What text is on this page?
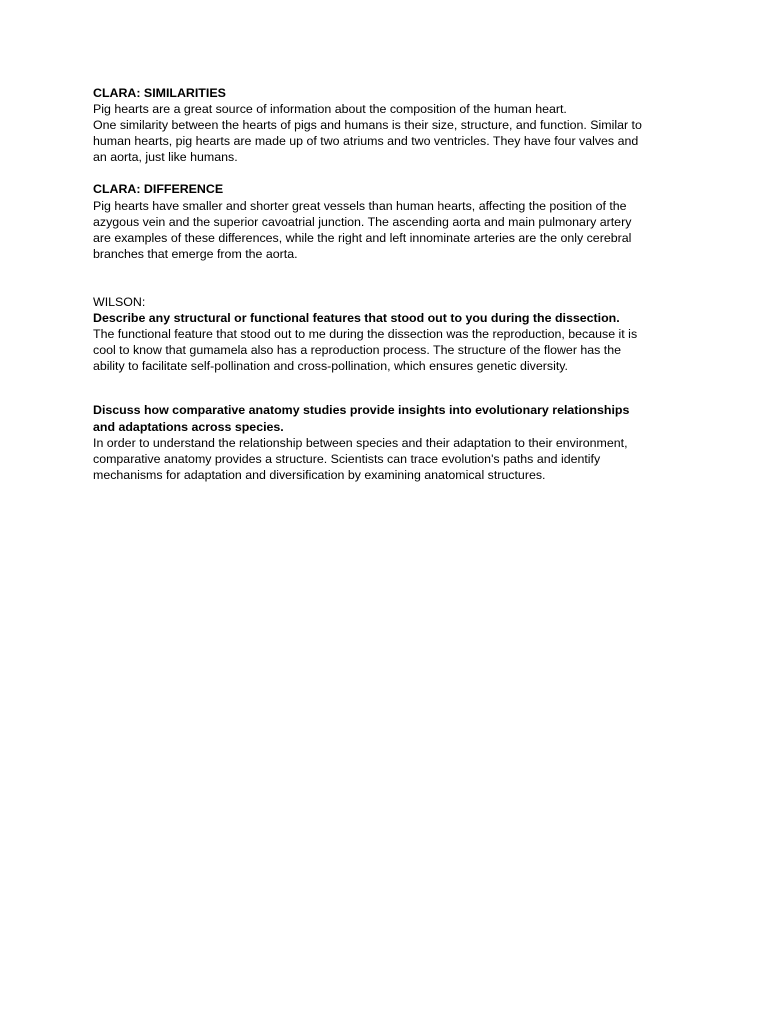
CLARA: SIMILARITIES
Pig hearts are a great source of information about the composition of the human heart.
One similarity between the hearts of pigs and humans is their size, structure, and function. Similar to
human hearts, pig hearts are made up of two atriums and two ventricles. They have four valves and
an aorta, just like humans.
CLARA: DIFFERENCE
Pig hearts have smaller and shorter great vessels than human hearts, affecting the position of the
azygous vein and the superior cavoatrial junction. The ascending aorta and main pulmonary artery
are examples of these differences, while the right and left innominate arteries are the only cerebral
branches that emerge from the aorta.
WILSON:
Describe any structural or functional features that stood out to you during the dissection.
The functional feature that stood out to me during the dissection was the reproduction, because it is
cool to know that gumamela also has a reproduction process. The structure of the flower has the
ability to facilitate self-pollination and cross-pollination, which ensures genetic diversity.
Discuss how comparative anatomy studies provide insights into evolutionary relationships
and adaptations across species.
In order to understand the relationship between species and their adaptation to their environment,
comparative anatomy provides a structure. Scientists can trace evolution's paths and identify
mechanisms for adaptation and diversification by examining anatomical structures.
